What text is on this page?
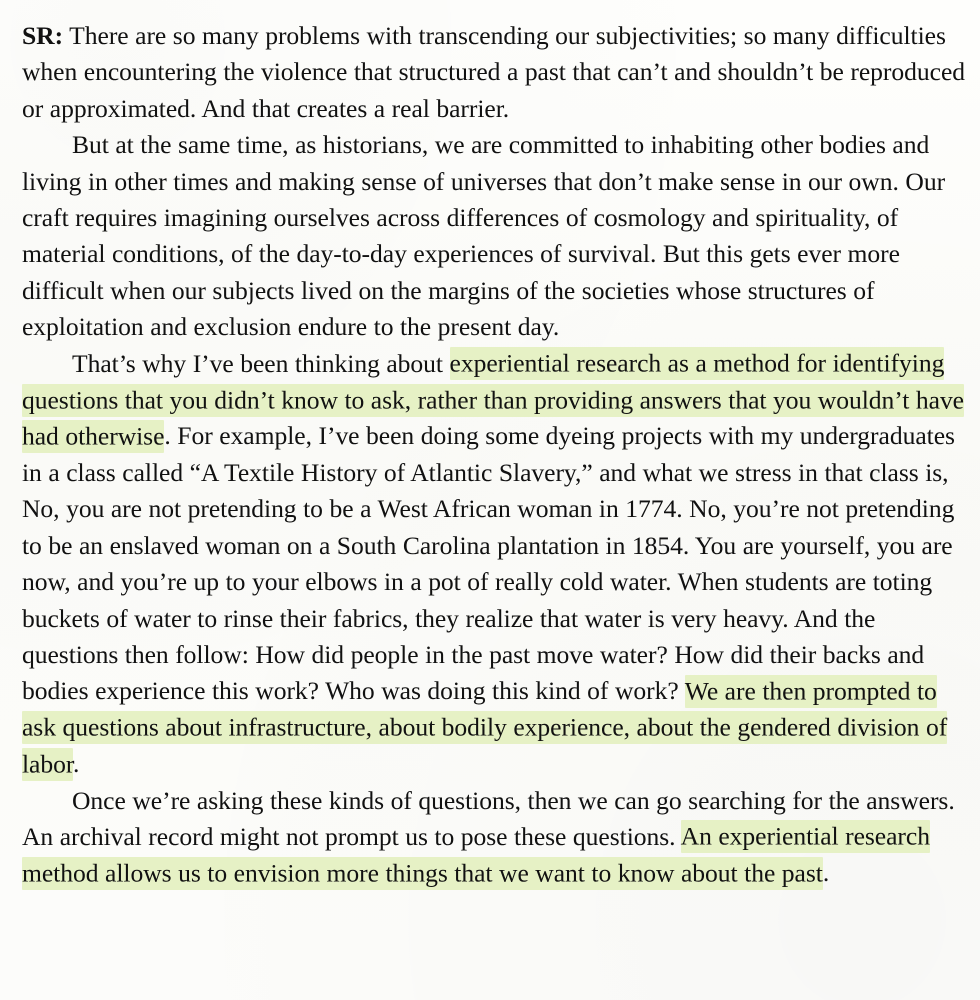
SR: There are so many problems with transcending our subjectivities; so many difficulties when encountering the violence that structured a past that can’t and shouldn’t be reproduced or approximated. And that creates a real barrier.

But at the same time, as historians, we are committed to inhabiting other bodies and living in other times and making sense of universes that don’t make sense in our own. Our craft requires imagining ourselves across differences of cosmology and spirituality, of material conditions, of the day-to-day experiences of survival. But this gets ever more difficult when our subjects lived on the margins of the societies whose structures of exploitation and exclusion endure to the present day.

That’s why I’ve been thinking about experiential research as a method for identifying questions that you didn’t know to ask, rather than providing answers that you wouldn’t have had otherwise. For example, I’ve been doing some dyeing projects with my undergraduates in a class called “A Textile History of Atlantic Slavery,” and what we stress in that class is, No, you are not pretending to be a West African woman in 1774. No, you’re not pretending to be an enslaved woman on a South Carolina plantation in 1854. You are yourself, you are now, and you’re up to your elbows in a pot of really cold water. When students are toting buckets of water to rinse their fabrics, they realize that water is very heavy. And the questions then follow: How did people in the past move water? How did their backs and bodies experience this work? Who was doing this kind of work? We are then prompted to ask questions about infrastructure, about bodily experience, about the gendered division of labor.

Once we’re asking these kinds of questions, then we can go searching for the answers. An archival record might not prompt us to pose these questions. An experiential research method allows us to envision more things that we want to know about the past.
